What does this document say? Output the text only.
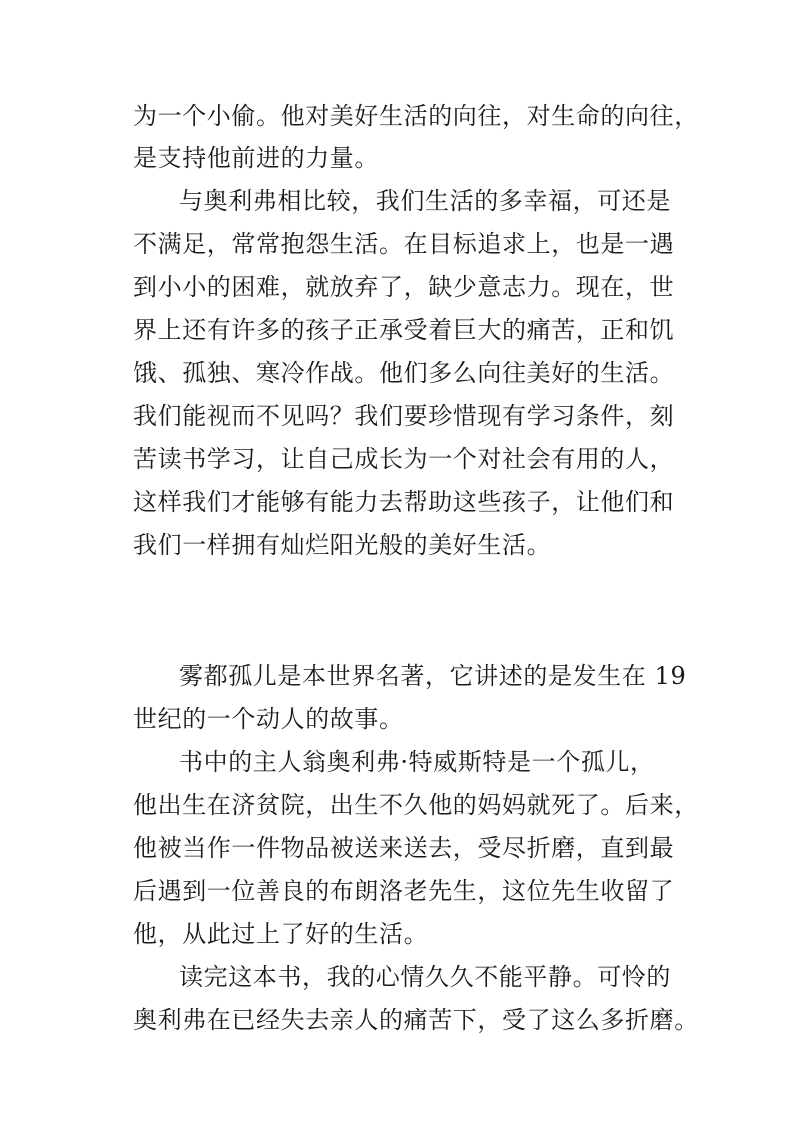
为一个小偷。他对美好生活的向往，对生命的向往，
是支持他前进的力量。
与奥利弗相比较，我们生活的多幸福，可还是
不满足，常常抱怨生活。在目标追求上，也是一遇
到小小的困难，就放弃了，缺少意志力。现在，世
界上还有许多的孩子正承受着巨大的痛苦，正和饥
饿、孤独、寒冷作战。他们多么向往美好的生活。
我们能视而不见吗？我们要珍惜现有学习条件，刻
苦读书学习，让自己成长为一个对社会有用的人，
这样我们才能够有能力去帮助这些孩子，让他们和
我们一样拥有灿烂阳光般的美好生活。
雾都孤儿是本世界名著，它讲述的是发生在 19
世纪的一个动人的故事。
书中的主人翁奥利弗·特威斯特是一个孤儿，
他出生在济贫院，出生不久他的妈妈就死了。后来，
他被当作一件物品被送来送去，受尽折磨，直到最
后遇到一位善良的布朗洛老先生，这位先生收留了
他，从此过上了好的生活。
读完这本书，我的心情久久不能平静。可怜的
奥利弗在已经失去亲人的痛苦下，受了这么多折磨。
